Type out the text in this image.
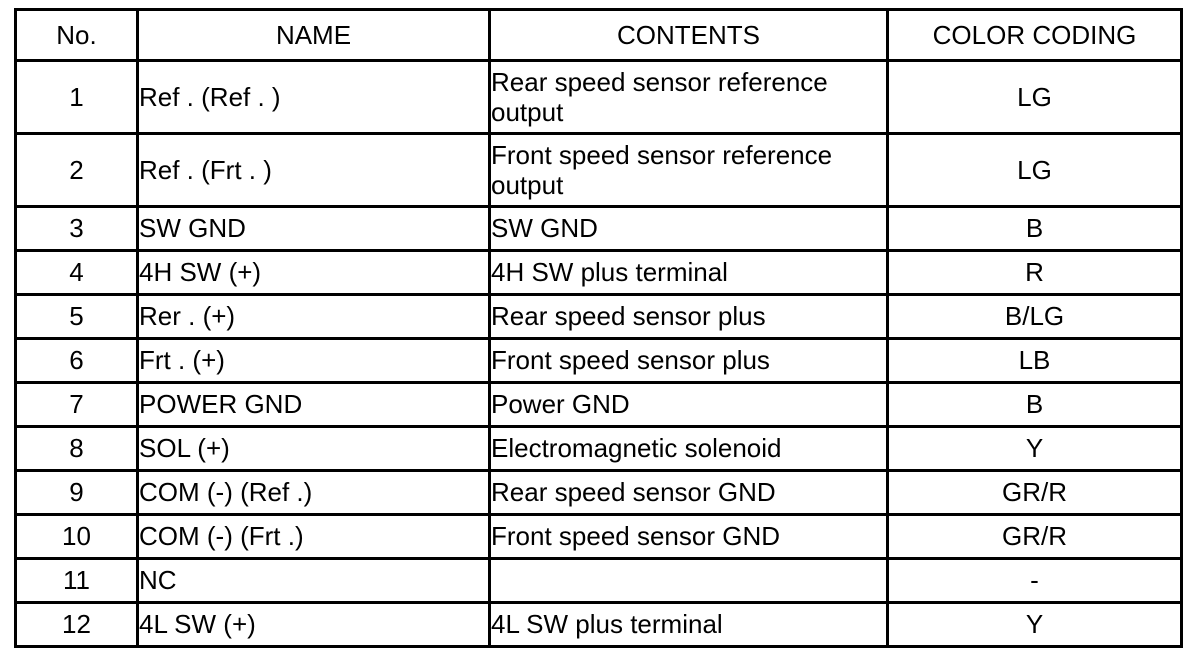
No.	NAME	CONTENTS	COLOR CODING
1	Ref . (Ref . )	Rear speed sensor reference output	LG
2	Ref . (Frt . )	Front speed sensor reference output	LG
3	SW GND	SW GND	B
4	4H SW (+)	4H SW plus terminal	R
5	Rer . (+)	Rear speed sensor plus	B/LG
6	Frt . (+)	Front speed sensor plus	LB
7	POWER GND	Power GND	B
8	SOL (+)	Electromagnetic solenoid	Y
9	COM (-) (Ref .)	Rear speed sensor GND	GR/R
10	COM (-) (Frt .)	Front speed sensor GND	GR/R
11	NC		-
12	4L SW (+)	4L SW plus terminal	Y
